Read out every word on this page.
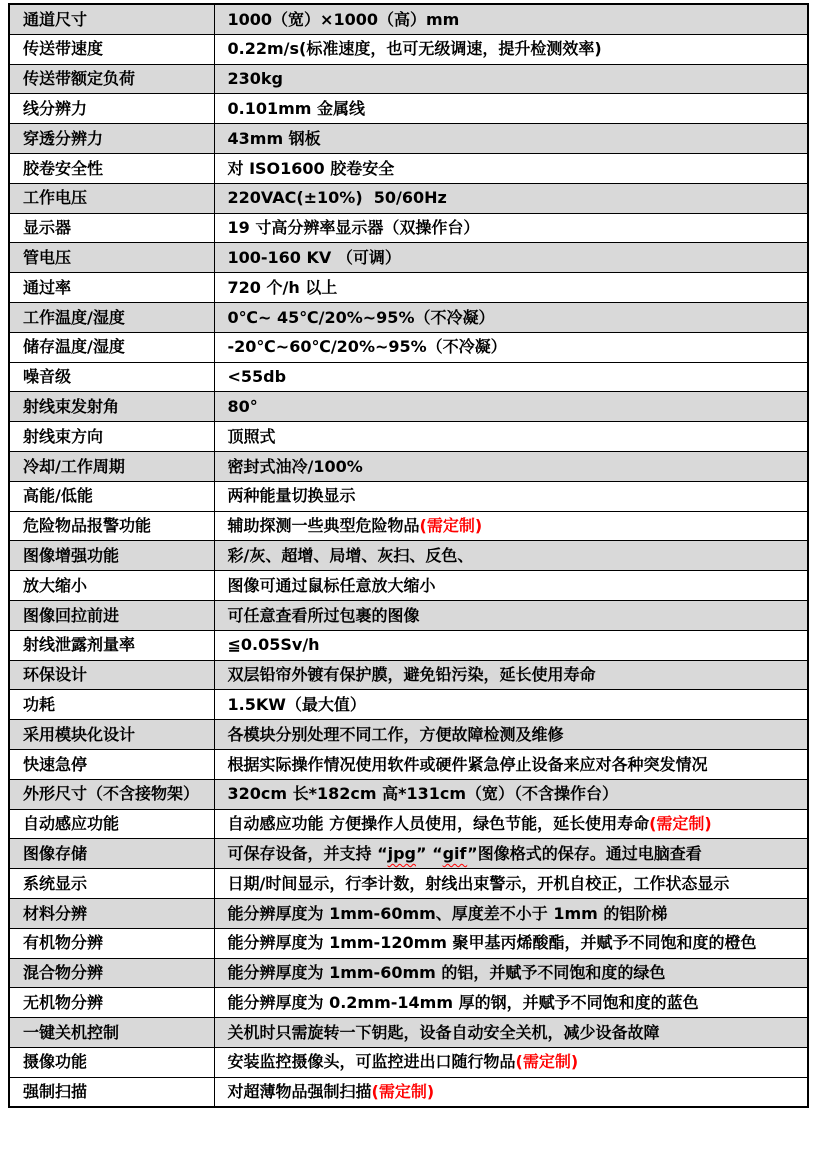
通道尺寸	1000（宽）×1000（高）mm
传送带速度	0.22m/s(标准速度，也可无级调速，提升检测效率)
传送带额定负荷	230kg
线分辨力	0.101mm 金属线
穿透分辨力	43mm 钢板
胶卷安全性	对 ISO1600 胶卷安全
工作电压	220VAC(±10%)  50/60Hz
显示器	19 寸高分辨率显示器（双操作台）
管电压	100-160 KV （可调）
通过率	720 个/h 以上
工作温度/湿度	0℃~ 45℃/20%~95%（不冷凝）
储存温度/湿度	-20℃~60℃/20%~95%（不冷凝）
噪音级	<55db
射线束发射角	80°
射线束方向	顶照式
冷却/工作周期	密封式油冷/100%
高能/低能	两种能量切换显示
危险物品报警功能	辅助探测一些典型危险物品(需定制)
图像增强功能	彩/灰、超增、局增、灰扫、反色、
放大缩小	图像可通过鼠标任意放大缩小
图像回拉前进	可任意查看所过包裹的图像
射线泄露剂量率	≦0.05Sv/h
环保设计	双层铅帘外镀有保护膜，避免铅污染，延长使用寿命
功耗	1.5KW（最大值）
采用模块化设计	各模块分别处理不同工作，方便故障检测及维修
快速急停	根据实际操作情况使用软件或硬件紧急停止设备来应对各种突发情况
外形尺寸（不含接物架）	320cm 长*182cm 高*131cm（宽）（不含操作台）
自动感应功能	自动感应功能 方便操作人员使用，绿色节能，延长使用寿命(需定制)
图像存储	可保存设备，并支持 “jpg” “gif”图像格式的保存。通过电脑查看
系统显示	日期/时间显示，行李计数，射线出束警示，开机自校正，工作状态显示
材料分辨	能分辨厚度为 1mm-60mm、厚度差不小于 1mm 的铝阶梯
有机物分辨	能分辨厚度为 1mm-120mm 聚甲基丙烯酸酯，并赋予不同饱和度的橙色
混合物分辨	能分辨厚度为 1mm-60mm 的铝，并赋予不同饱和度的绿色
无机物分辨	能分辨厚度为 0.2mm-14mm 厚的钢，并赋予不同饱和度的蓝色
一键关机控制	关机时只需旋转一下钥匙，设备自动安全关机，减少设备故障
摄像功能	安装监控摄像头，可监控进出口随行物品(需定制)
强制扫描	对超薄物品强制扫描(需定制)
